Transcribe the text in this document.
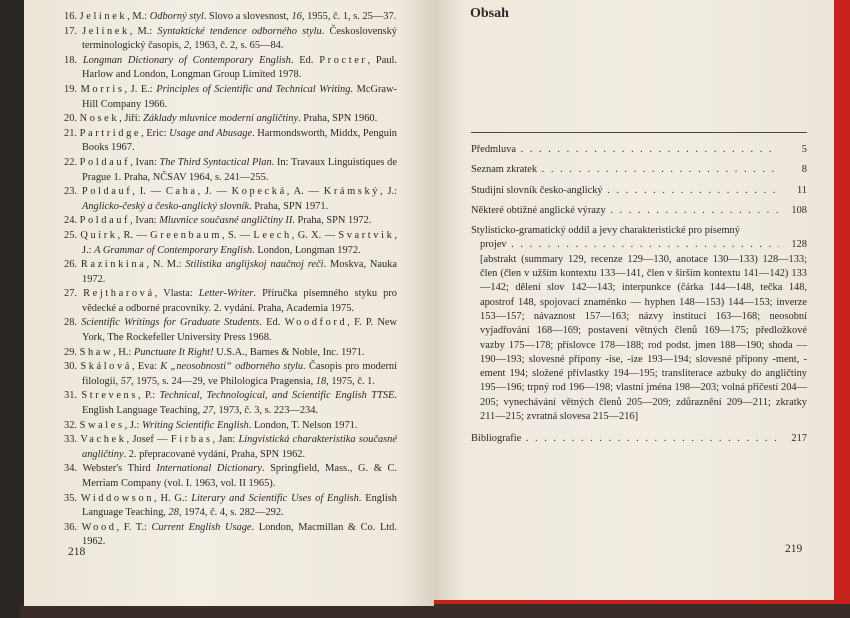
16. Jelínek, M.: Odborný styl. Slovo a slovesnost, 16, 1955, č. 1, s. 25—37.
17. Jelínek, M.: Syntaktické tendence odborného stylu. Československý terminologický časopis, 2, 1963, č. 2, s. 65—84.
18. Longman Dictionary of Contemporary English. Ed. Procter, Paul. Harlow and London, Longman Group Limited 1978.
19. Morris, J. E.: Principles of Scientific and Technical Writing. McGraw-Hill Company 1966.
20. Nosek, Jiří: Základy mluvnice moderní angličtiny. Praha, SPN 1960.
21. Partridge, Eric: Usage and Abusage. Harmondsworth, Middx, Penguin Books 1967.
22. Poldauf, Ivan: The Third Syntactical Plan. In: Travaux Linguistiques de Prague 1. Praha, NČSAV 1964, s. 241—255.
23. Poldauf, I. — Caha, J. — Kopecká, A. — Krámský, J.: Anglicko-český a česko-anglický slovník. Praha, SPN 1971.
24. Poldauf, Ivan: Mluvnice současné angličtiny II. Praha, SPN 1972.
25. Quirk, R. — Greenbaum, S. — Leech, G. X. — Svartvik, J.: A Grammar of Contemporary English. London, Longman 1972.
26. Razinkina, N. M.: Stilistika anglijskoj naučnoj reči. Moskva, Nauka 1972.
27. Rejtharová, Vlasta: Letter-Writer. Příručka písemného styku pro vědecké a odborné pracovníky. 2. vydání. Praha, Academia 1975.
28. Scientific Writings for Graduate Students. Ed. Woodford, F. P. New York, The Rockefeller University Press 1968.
29. Shaw, H.: Punctuate It Right! U.S.A., Barnes & Noble, Inc. 1971.
30. Skálová, Eva: K „neosobnosti“ odborného stylu. Časopis pro moderní filologii, 57, 1975, s. 24—29, ve Philologica Pragensia, 18, 1975, č. 1.
31. Strevens, P.: Technical, Technological, and Scientific English TTSE. English Language Teaching, 27, 1973, č. 3, s. 223—234.
32. Swales, J.: Writing Scientific English. London, T. Nelson 1971.
33. Vachek, Josef — Firbas, Jan: Lingvistická charakteristika současné angličtiny. 2. přepracované vydání, Praha, SPN 1962.
34. Webster's Third International Dictionary. Springfield, Mass., G. & C. Merriam Company (vol. I. 1963, vol. II 1965).
35. Widdowson, H. G.: Literary and Scientific Uses of English. English Language Teaching, 28, 1974, č. 4, s. 282—292.
36. Wood, F. T.: Current English Usage. London, Macmillan & Co. Ltd. 1962.
218
Obsah
Předmluva . .	5
Seznam zkratek . .	8
Studijní slovník česko-anglický . .	11
Některé obtížné anglické výrazy . .	108
Stylisticko-gramatický oddíl a jevy charakteristické pro písemný
projev . .	128
[abstrakt (summary 129, recenze 129—130, anotace 130—133) 128—133; člen (člen v užším kontextu 133—141, člen v širším kontextu 141—142) 133—142; dělení slov 142—143; interpunkce (čárka 144—148, tečka 148, apostrof 148, spojovací znaménko — hyphen 148—153) 144—153; inverze 153—157; návaznost 157—163; názvy institucí 163—168; neosobní vyjadřování 168—169; postavení větných členů 169—175; předložkové vazby 175—178; příslovce 178—188; rod podst. jmen 188—190; shoda — 190—193; slovesné přípony -ise, -ize 193—194; slovesné přípony -ment, -ement 194; složené přívlastky 194—195; transliterace azbuky do angličtiny 195—196; trpný rod 196—198; vlastní jména 198—203; volná příčestí 204—205; vynechávání větných členů 205—209; zdůraznění 209—211; zkratky 211—215; zvratná slovesa 215—216]
Bibliografie . .	217
219
